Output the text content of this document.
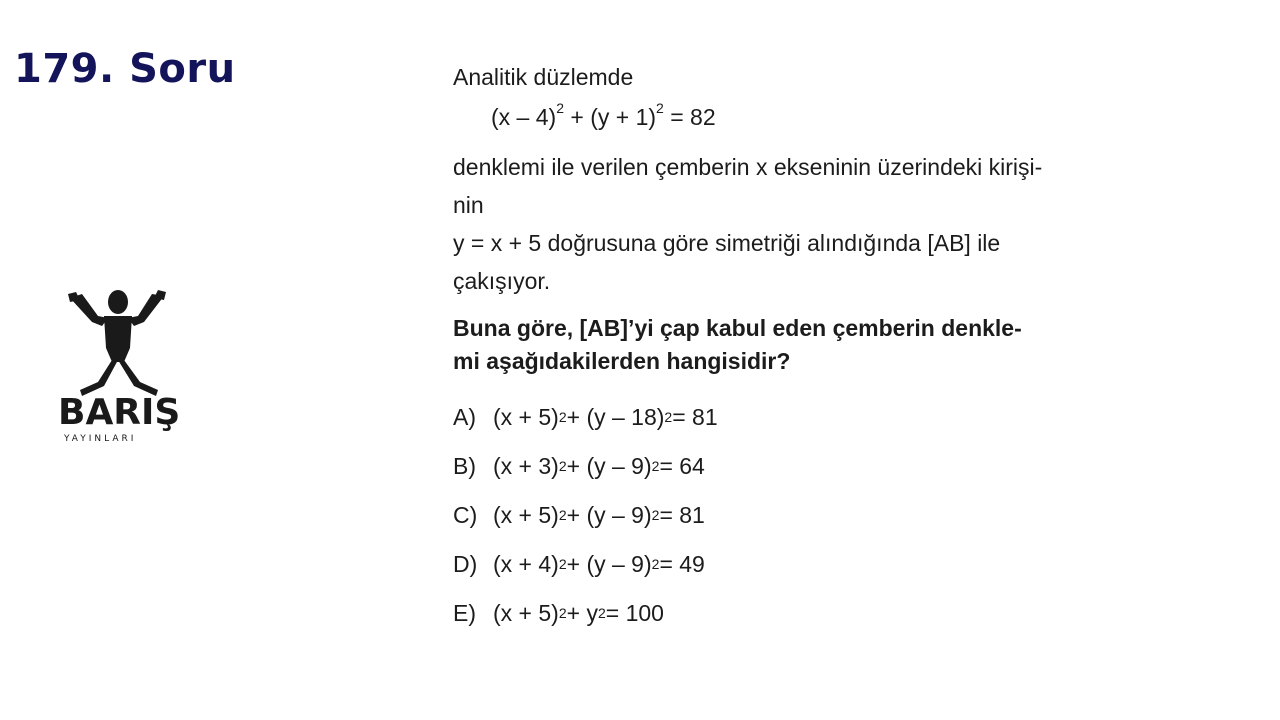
179. Soru
BARIŞ
YAYINLARI
Analitik düzlemde
$(x - 4)^2 + (y + 1)^2 = 82$
denklemi ile verilen çemberin x ekseninin üzerindeki kirişi-
nin
y = x + 5 doğrusuna göre simetriği alındığında [AB] ile
çakışıyor.
Buna göre, [AB]’yi çap kabul eden çemberin denkle-
mi aşağıdakilerden hangisidir?
A) $(x + 5)^2 + (y - 18)^2 = 81$
B) $(x + 3)^2 + (y - 9)^2 = 64$
C) $(x + 5)^2 + (y - 9)^2 = 81$
D) $(x + 4)^2 + (y - 9)^2 = 49$
E) $(x + 5)^2 + y^2 = 100$
